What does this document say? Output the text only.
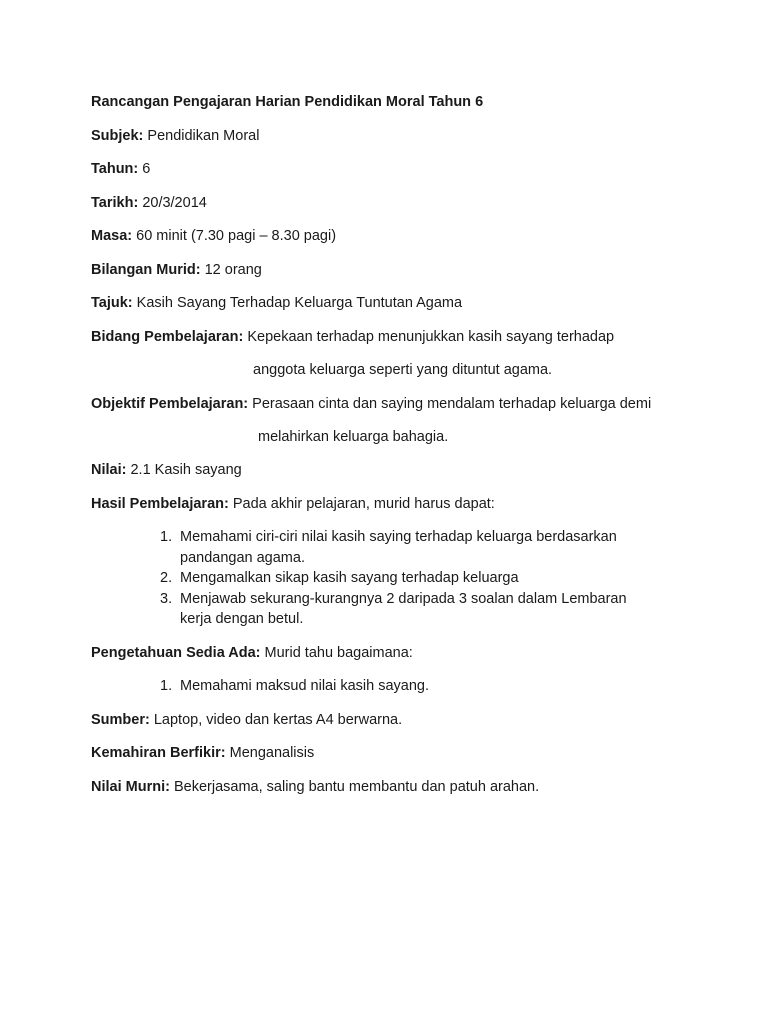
Rancangan Pengajaran Harian Pendidikan Moral Tahun 6
Subjek: Pendidikan Moral
Tahun: 6
Tarikh: 20/3/2014
Masa: 60 minit (7.30 pagi – 8.30 pagi)
Bilangan Murid: 12 orang
Tajuk: Kasih Sayang Terhadap Keluarga Tuntutan Agama
Bidang Pembelajaran: Kepekaan terhadap menunjukkan kasih sayang terhadap
anggota keluarga seperti yang dituntut agama.
Objektif Pembelajaran: Perasaan cinta dan saying mendalam terhadap keluarga demi
melahirkan keluarga bahagia.
Nilai: 2.1 Kasih sayang
Hasil Pembelajaran: Pada akhir pelajaran, murid harus dapat:
1. Memahami ciri-ciri nilai kasih saying terhadap keluarga berdasarkan
pandangan agama.
2. Mengamalkan sikap kasih sayang terhadap keluarga
3. Menjawab sekurang-kurangnya 2 daripada 3 soalan dalam Lembaran
kerja dengan betul.
Pengetahuan Sedia Ada: Murid tahu bagaimana:
1. Memahami maksud nilai kasih sayang.
Sumber: Laptop, video dan kertas A4 berwarna.
Kemahiran Berfikir: Menganalisis
Nilai Murni: Bekerjasama, saling bantu membantu dan patuh arahan.
